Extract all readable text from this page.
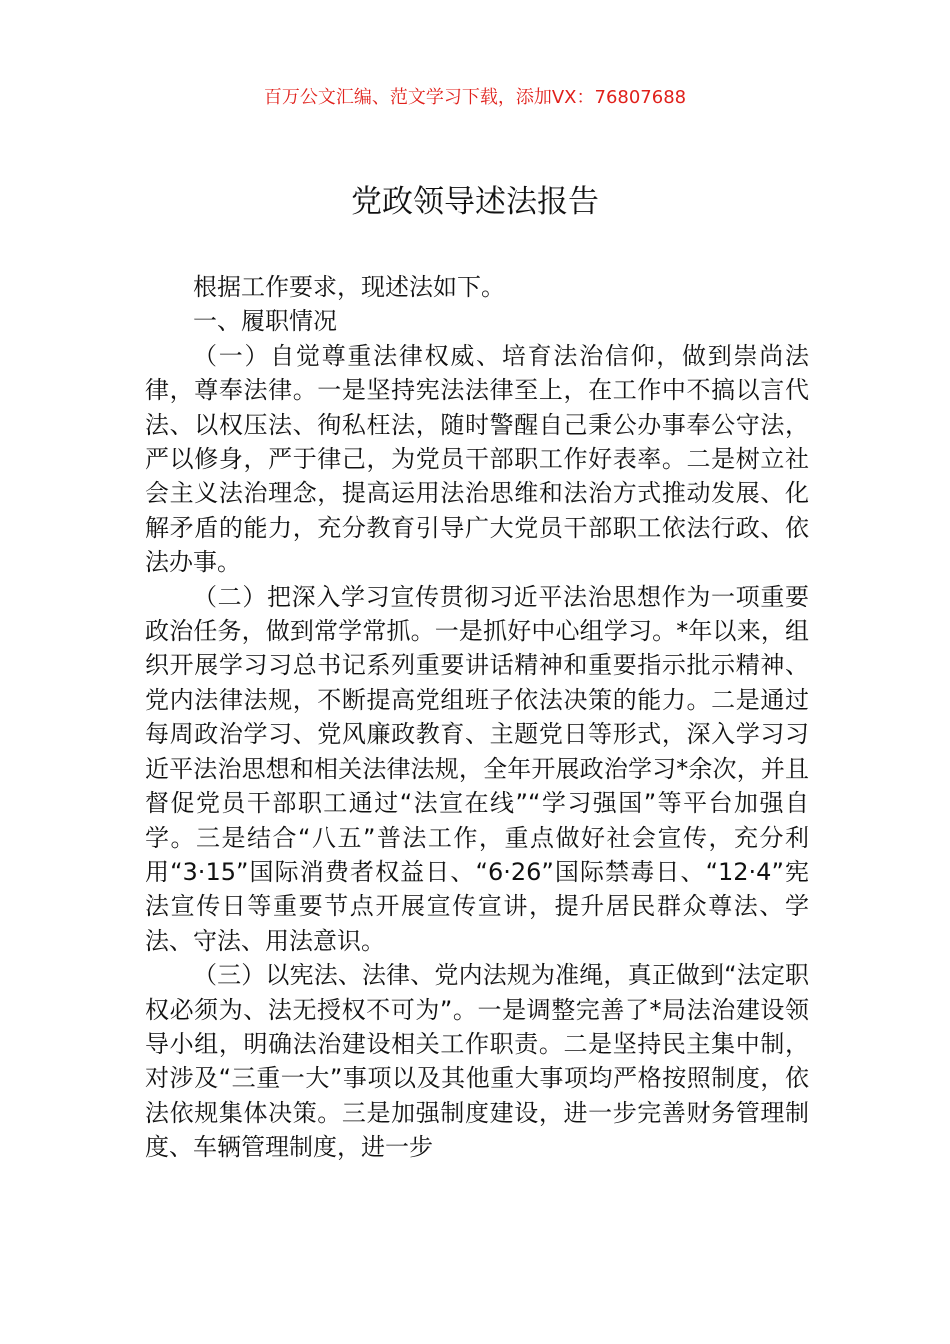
百万公文汇编、范文学习下载，添加VX：76807688
党政领导述法报告

根据工作要求，现述法如下。

一、履职情况

（一）自觉尊重法律权威、培育法治信仰，做到崇尚法律，尊奉法律。一是坚持宪法法律至上，在工作中不搞以言代法、以权压法、徇私枉法，随时警醒自己秉公办事奉公守法，严以修身，严于律己，为党员干部职工作好表率。二是树立社会主义法治理念，提高运用法治思维和法治方式推动发展、化解矛盾的能力，充分教育引导广大党员干部职工依法行政、依法办事。

（二）把深入学习宣传贯彻习近平法治思想作为一项重要政治任务，做到常学常抓。一是抓好中心组学习。*年以来，组织开展学习习总书记系列重要讲话精神和重要指示批示精神、党内法律法规，不断提高党组班子依法决策的能力。二是通过每周政治学习、党风廉政教育、主题党日等形式，深入学习习近平法治思想和相关法律法规，全年开展政治学习*余次，并且督促党员干部职工通过“法宣在线”“学习强国”等平台加强自学。三是结合“八五”普法工作，重点做好社会宣传，充分利用“3·15”国际消费者权益日、“6·26”国际禁毒日、“12·4”宪法宣传日等重要节点开展宣传宣讲，提升居民群众尊法、学法、守法、用法意识。

（三）以宪法、法律、党内法规为准绳，真正做到“法定职权必须为、法无授权不可为”。一是调整完善了*局法治建设领导小组，明确法治建设相关工作职责。二是坚持民主集中制，对涉及“三重一大”事项以及其他重大事项均严格按照制度，依法依规集体决策。三是加强制度建设，进一步完善财务管理制度、车辆管理制度，进一步
